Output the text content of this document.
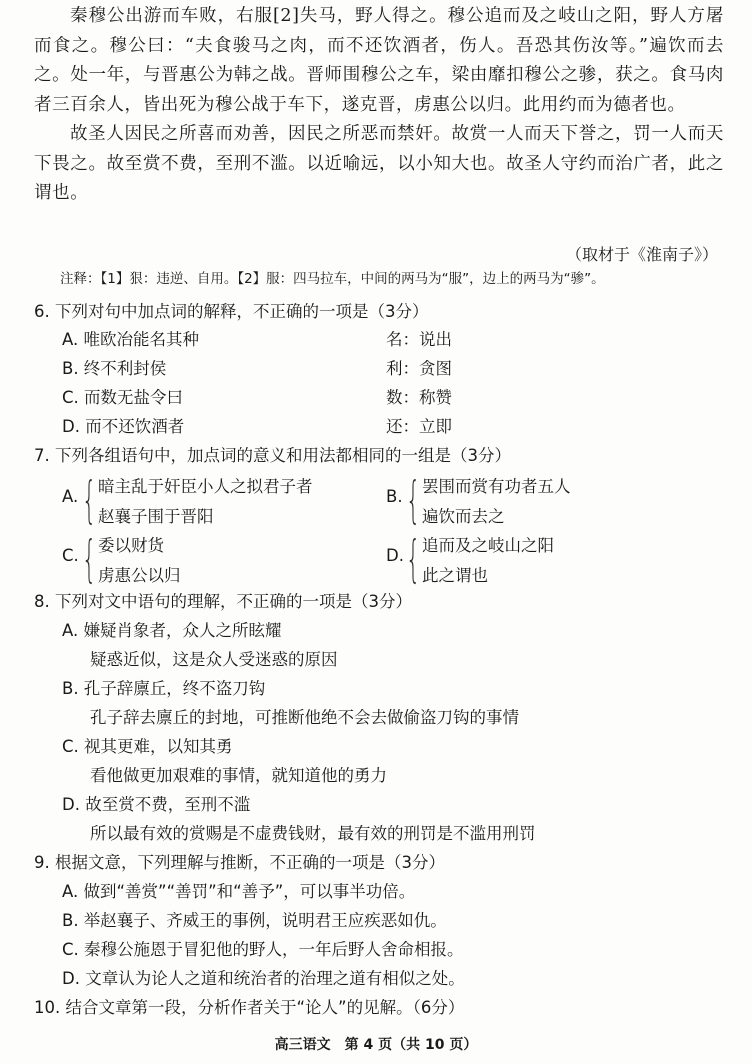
秦穆公出游而车败，右服[2]失马，野人得之。穆公追而及之岐山之阳，野人方屠而食之。穆公曰：“夫食骏马之肉，而不还饮酒者，伤人。吾恐其伤汝等。”遍饮而去之。处一年，与晋惠公为韩之战。晋师围穆公之车，梁由靡扣穆公之骖，获之。食马肉者三百余人，皆出死为穆公战于车下，遂克晋，虏惠公以归。此用约而为德者也。

故圣人因民之所喜而劝善，因民之所恶而禁奸。故赏一人而天下誉之，罚一人而天下畏之。故至赏不费，至刑不滥。以近喻远，以小知大也。故圣人守约而治广者，此之谓也。

（取材于《淮南子》）
注释：【1】狠：违逆、自用。【2】服：四马拉车，中间的两马为“服”，边上的两马为“骖”。
6. 下列对句中加点词的解释，不正确的一项是（3分）
A. 唯欧冶能名其种	名：说出
B. 终不利封侯	利：贪图
C. 而数无盐令曰	数：称赞
D. 而不还饮酒者	还：立即
7. 下列各组语句中，加点词的意义和用法都相同的一组是（3分）
A. { 暗主乱于奸臣小人之拟君子者
赵襄子围于晋阳
B. { 罢围而赏有功者五人
遍饮而去之
C. { 委以财货
虏惠公以归
D. { 追而及之岐山之阳
此之谓也
8. 下列对文中语句的理解，不正确的一项是（3分）
A. 嫌疑肖象者，众人之所眩耀
疑惑近似，这是众人受迷惑的原因
B. 孔子辞廪丘，终不盗刀钩
孔子辞去廪丘的封地，可推断他绝不会去做偷盗刀钩的事情
C. 视其更难，以知其勇
看他做更加艰难的事情，就知道他的勇力
D. 故至赏不费，至刑不滥
所以最有效的赏赐是不虚费钱财，最有效的刑罚是不滥用刑罚
9. 根据文意，下列理解与推断，不正确的一项是（3分）
A. 做到“善赏”“善罚”和“善予”，可以事半功倍。
B. 举赵襄子、齐威王的事例，说明君王应疾恶如仇。
C. 秦穆公施恩于冒犯他的野人，一年后野人舍命相报。
D. 文章认为论人之道和统治者的治理之道有相似之处。
10. 结合文章第一段，分析作者关于“论人”的见解。（6分）
高三语文　第 4 页（共 10 页）
